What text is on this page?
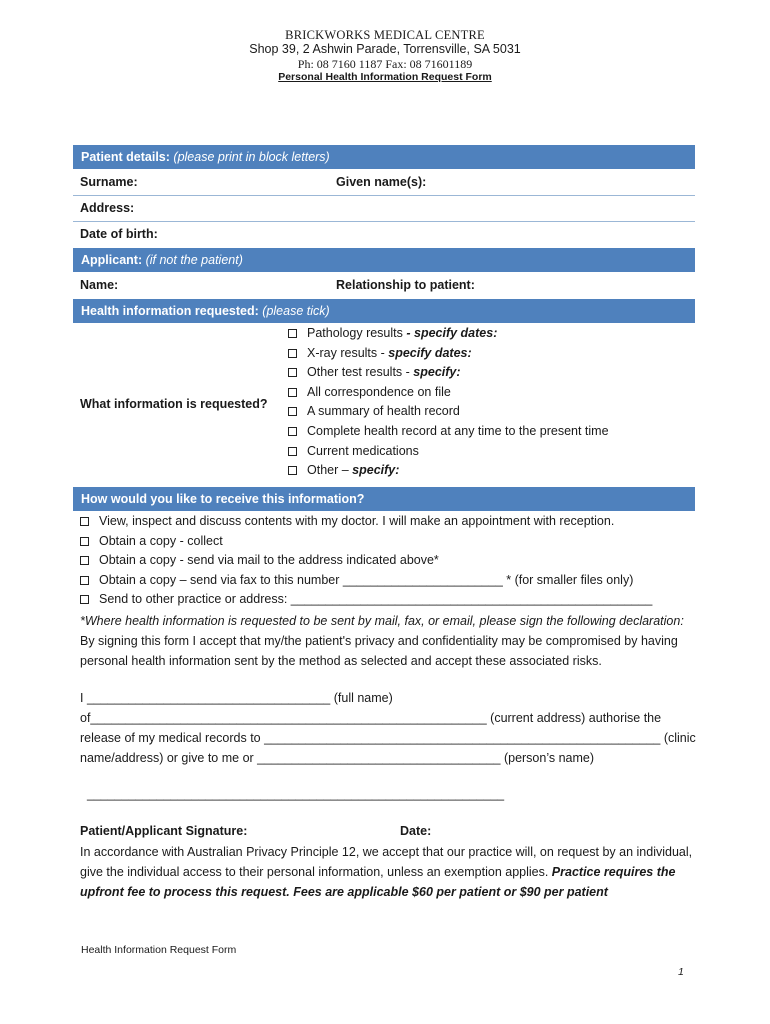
BRICKWORKS MEDICAL CENTRE
Shop 39, 2 Ashwin Parade, Torrensville, SA 5031
Ph: 08 7160 1187 Fax: 08 71601189
Personal Health Information Request Form
Patient details: (please print in block letters)
Surname:	Given name(s):
Address:
Date of birth:
Applicant: (if not the patient)
Name:	Relationship to patient:
Health information requested: (please tick)
What information is requested?
Pathology results - specify dates:
X-ray results - specify dates:
Other test results - specify:
All correspondence on file
A summary of health record
Complete health record at any time to the present time
Current medications
Other – specify:
How would you like to receive this information?
View, inspect and discuss contents with my doctor. I will make an appointment with reception.
Obtain a copy - collect
Obtain a copy - send via mail to the address indicated above*
Obtain a copy – send via fax to this number _______________________ * (for smaller files only)
Send to other practice or address: ____________________________________________________
*Where health information is requested to be sent by mail, fax, or email, please sign the following declaration: By signing this form I accept that my/the patient's privacy and confidentiality may be compromised by having personal health information sent by the method as selected and accept these associated risks.
I ___________________________________ (full name)
of_________________________________________________________ (current address) authorise the
release of my medical records to _________________________________________________________ (clinic
name/address) or give to me or ___________________________________ (person’s name)
____________________________________________________________
Patient/Applicant Signature:	Date:
In accordance with Australian Privacy Principle 12, we accept that our practice will, on request by an individual, give the individual access to their personal information, unless an exemption applies. Practice requires the upfront fee to process this request. Fees are applicable $60 per patient or $90 per patient
Health Information Request Form
1
